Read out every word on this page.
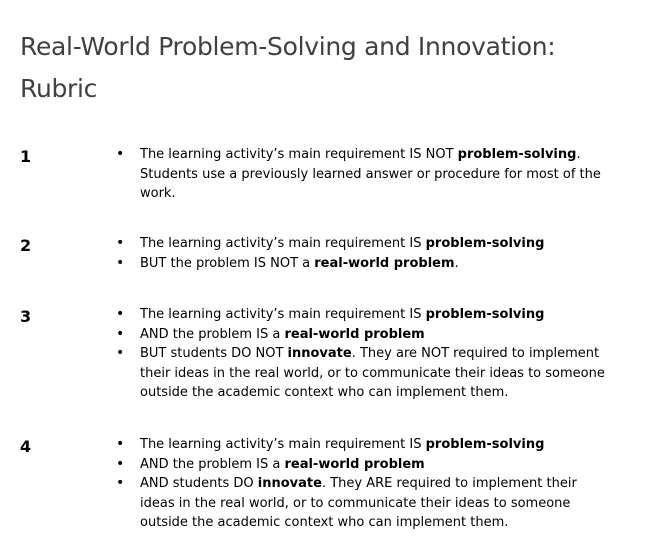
Real-World Problem-Solving and Innovation: Rubric
1	• The learning activity’s main requirement IS NOT problem-solving. Students use a previously learned answer or procedure for most of the work.
2	• The learning activity’s main requirement IS problem-solving
• BUT the problem IS NOT a real-world problem.
3	• The learning activity’s main requirement IS problem-solving
• AND the problem IS a real-world problem
• BUT students DO NOT innovate. They are NOT required to implement their ideas in the real world, or to communicate their ideas to someone outside the academic context who can implement them.
4	• The learning activity’s main requirement IS problem-solving
• AND the problem IS a real-world problem
• AND students DO innovate. They ARE required to implement their ideas in the real world, or to communicate their ideas to someone outside the academic context who can implement them.
